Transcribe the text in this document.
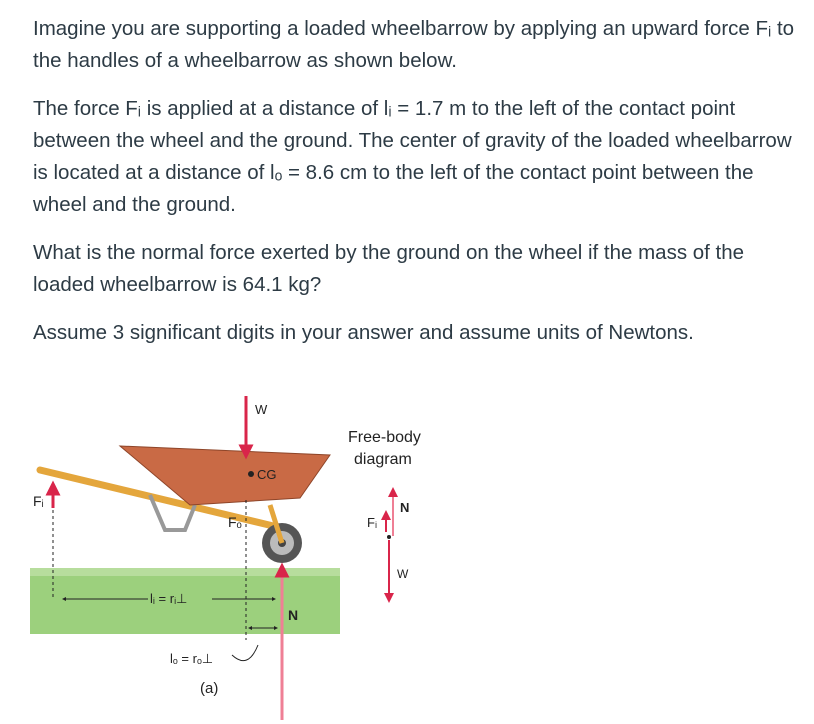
Imagine you are supporting a loaded wheelbarrow by applying an upward force Fᵢ to the handles of a wheelbarrow as shown below.
The force Fᵢ is applied at a distance of lᵢ = 1.7 m to the left of the contact point between the wheel and the ground. The center of gravity of the loaded wheelbarrow is located at a distance of lₒ = 8.6 cm to the left of the contact point between the wheel and the ground.
What is the normal force exerted by the ground on the wheel if the mass of the loaded wheelbarrow is 64.1 kg?
Assume 3 significant digits in your answer and assume units of Newtons.
W
CG
Fᵢ
Fₒ
N
lᵢ = rᵢ⊥
lₒ = rₒ⊥
(a)
Free-body
diagram
N
Fᵢ
W
